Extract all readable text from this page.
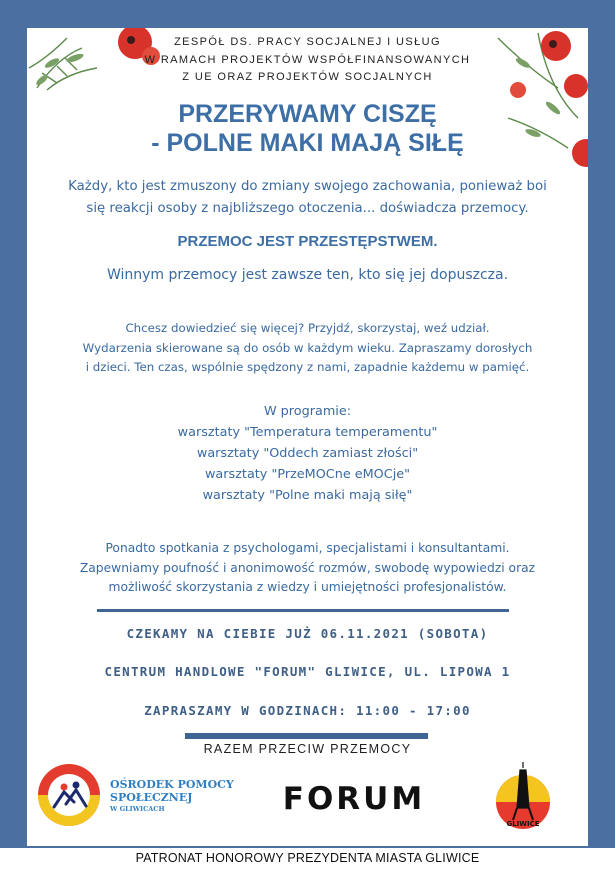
ZESPÓŁ DS. PRACY SOCJALNEJ I USŁUG
W RAMACH PROJEKTÓW WSPÓŁFINANSOWANYCH
Z UE ORAZ PROJEKTÓW SOCJALNYCH
PRZERYWAMY CISZĘ
- POLNE MAKI MAJĄ SIŁĘ
Każdy, kto jest zmuszony do zmiany swojego zachowania, ponieważ boi
się reakcji osoby z najbliższego otoczenia... doświadcza przemocy.
PRZEMOC JEST PRZESTĘPSTWEM.
Winnym przemocy jest zawsze ten, kto się jej dopuszcza.
Chcesz dowiedzieć się więcej? Przyjdź, skorzystaj, weź udział.
Wydarzenia skierowane są do osób w każdym wieku. Zapraszamy dorosłych
i dzieci. Ten czas, wspólnie spędzony z nami, zapadnie każdemu w pamięć.
W programie:
warsztaty "Temperatura temperamentu"
warsztaty "Oddech zamiast złości"
warsztaty "PrzeMOCne eMOCje"
warsztaty "Polne maki mają siłę"
Ponadto spotkania z psychologami, specjalistami i konsultantami.
Zapewniamy poufność i anonimowość rozmów, swobodę wypowiedzi oraz
możliwość skorzystania z wiedzy i umiejętności profesjonalistów.
CZEKAMY NA CIEBIE JUŻ 06.11.2021 (SOBOTA)
CENTRUM HANDLOWE "FORUM" GLIWICE, UL. LIPOWA 1
ZAPRASZAMY W GODZINACH: 11:00 - 17:00
RAZEM PRZECIW PRZEMOCY
OŚRODEK POMOCY
SPOŁECZNEJ
W GLIWICACH	FORUM
GLIWICE
PATRONAT HONOROWY PREZYDENTA MIASTA GLIWICE
